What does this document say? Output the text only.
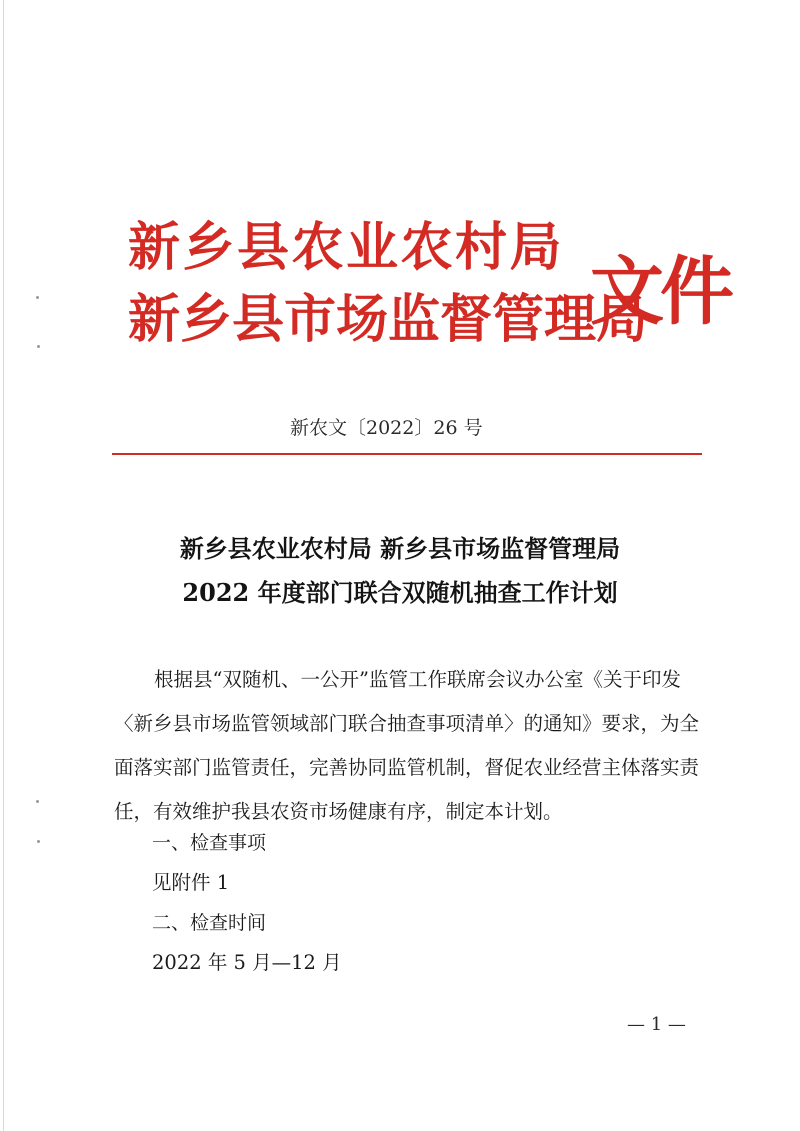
新乡县农业农村局
新乡县市场监督管理局
文件
新农文〔2022〕26 号
新乡县农业农村局 新乡县市场监督管理局
2022 年度部门联合双随机抽查工作计划
根据县“双随机、一公开”监管工作联席会议办公室《关于印发〈新乡县市场监管领域部门联合抽查事项清单〉的通知》要求，为全面落实部门监管责任，完善协同监管机制，督促农业经营主体落实责任，有效维护我县农资市场健康有序，制定本计划。
一、检查事项
见附件 1
二、检查时间
2022 年 5 月—12 月
— 1 —
